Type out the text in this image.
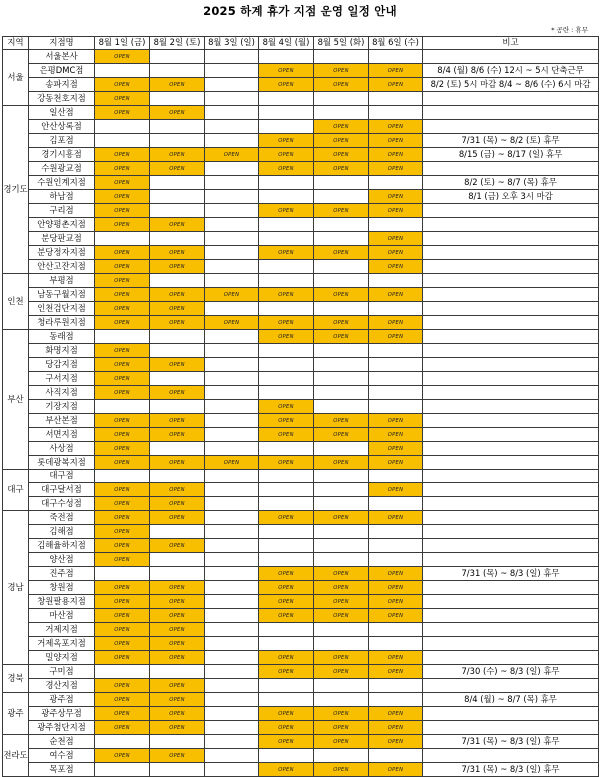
2025 하계 휴가 지점 운영 일정 안내
* 공란 : 휴무
지역	지점명	8월 1일 (금)	8월 2일 (토)	8월 3일 (일)	8월 4일 (월)	8월 5일 (화)	8월 6일 (수)	비고
서울	서울본사	OPEN						
	은평DMC점				OPEN	OPEN	OPEN	8/4 (월) 8/6 (수) 12시 ~ 5시 단축근무
	송파지점	OPEN	OPEN		OPEN	OPEN	OPEN	8/2 (토) 5시 마감 8/4 ~ 8/6 (수) 6시 마감
	강동천호지점	OPEN						
경기도	일산점	OPEN	OPEN					
	안산상록점					OPEN	OPEN	
	김포점				OPEN	OPEN	OPEN	7/31 (목) ~ 8/2 (토) 휴무
	경기시흥점	OPEN	OPEN	OPEN	OPEN	OPEN	OPEN	8/15 (금) ~ 8/17 (일) 휴무
	수원광교점	OPEN	OPEN		OPEN	OPEN	OPEN	
	수원인계지점	OPEN						8/2 (토) ~ 8/7 (목) 휴무
	하남점	OPEN					OPEN	8/1 (금) 오후 3시 마감
	구리점	OPEN			OPEN	OPEN	OPEN	
	안양평촌지점	OPEN	OPEN					
	분당판교점						OPEN	
	분당정자지점	OPEN	OPEN		OPEN	OPEN	OPEN	
	안산고잔지점	OPEN	OPEN				OPEN	
인천	부평점	OPEN						
	남동구월지점	OPEN	OPEN	OPEN	OPEN	OPEN	OPEN	
	인천검단지점	OPEN	OPEN					
	청라루원지점	OPEN	OPEN	OPEN	OPEN	OPEN	OPEN	
부산	동래점				OPEN	OPEN	OPEN	
	화명지점	OPEN						
	당감지점	OPEN	OPEN					
	구서지점	OPEN						
	사직지점	OPEN	OPEN					
	기장지점				OPEN			
	부산본점	OPEN	OPEN		OPEN	OPEN	OPEN	
	서면지점	OPEN	OPEN		OPEN	OPEN	OPEN	
	사상점	OPEN					OPEN	
	롯데광복지점	OPEN	OPEN	OPEN	OPEN	OPEN	OPEN	
대구	대구점							
	대구달서점	OPEN	OPEN				OPEN	
	대구수성점	OPEN	OPEN					
경남	죽전점	OPEN	OPEN		OPEN	OPEN	OPEN	
	김해점	OPEN						
	김해율하지점	OPEN	OPEN					
	양산점	OPEN						
	진주점				OPEN	OPEN	OPEN	7/31 (목) ~ 8/3 (일) 휴무
	창원점	OPEN	OPEN		OPEN	OPEN	OPEN	
	창원팔용지점	OPEN	OPEN		OPEN	OPEN	OPEN	
	마산점	OPEN	OPEN		OPEN	OPEN	OPEN	
	거제지점	OPEN	OPEN					
	거제옥포지점	OPEN	OPEN					
	밀양지점	OPEN	OPEN		OPEN	OPEN	OPEN	
경북	구미점				OPEN	OPEN	OPEN	7/30 (수) ~ 8/3 (일) 휴무
	경산지점	OPEN	OPEN					
광주	광주점	OPEN	OPEN					8/4 (월) ~ 8/7 (목) 휴무
	광주상무점	OPEN	OPEN		OPEN	OPEN	OPEN	
	광주첨단지점	OPEN	OPEN		OPEN	OPEN	OPEN	
전라도	순천점				OPEN	OPEN	OPEN	7/31 (목) ~ 8/3 (일) 휴무
	여수점	OPEN	OPEN					
	목포점				OPEN	OPEN	OPEN	7/31 (목) ~ 8/3 (일) 휴무
